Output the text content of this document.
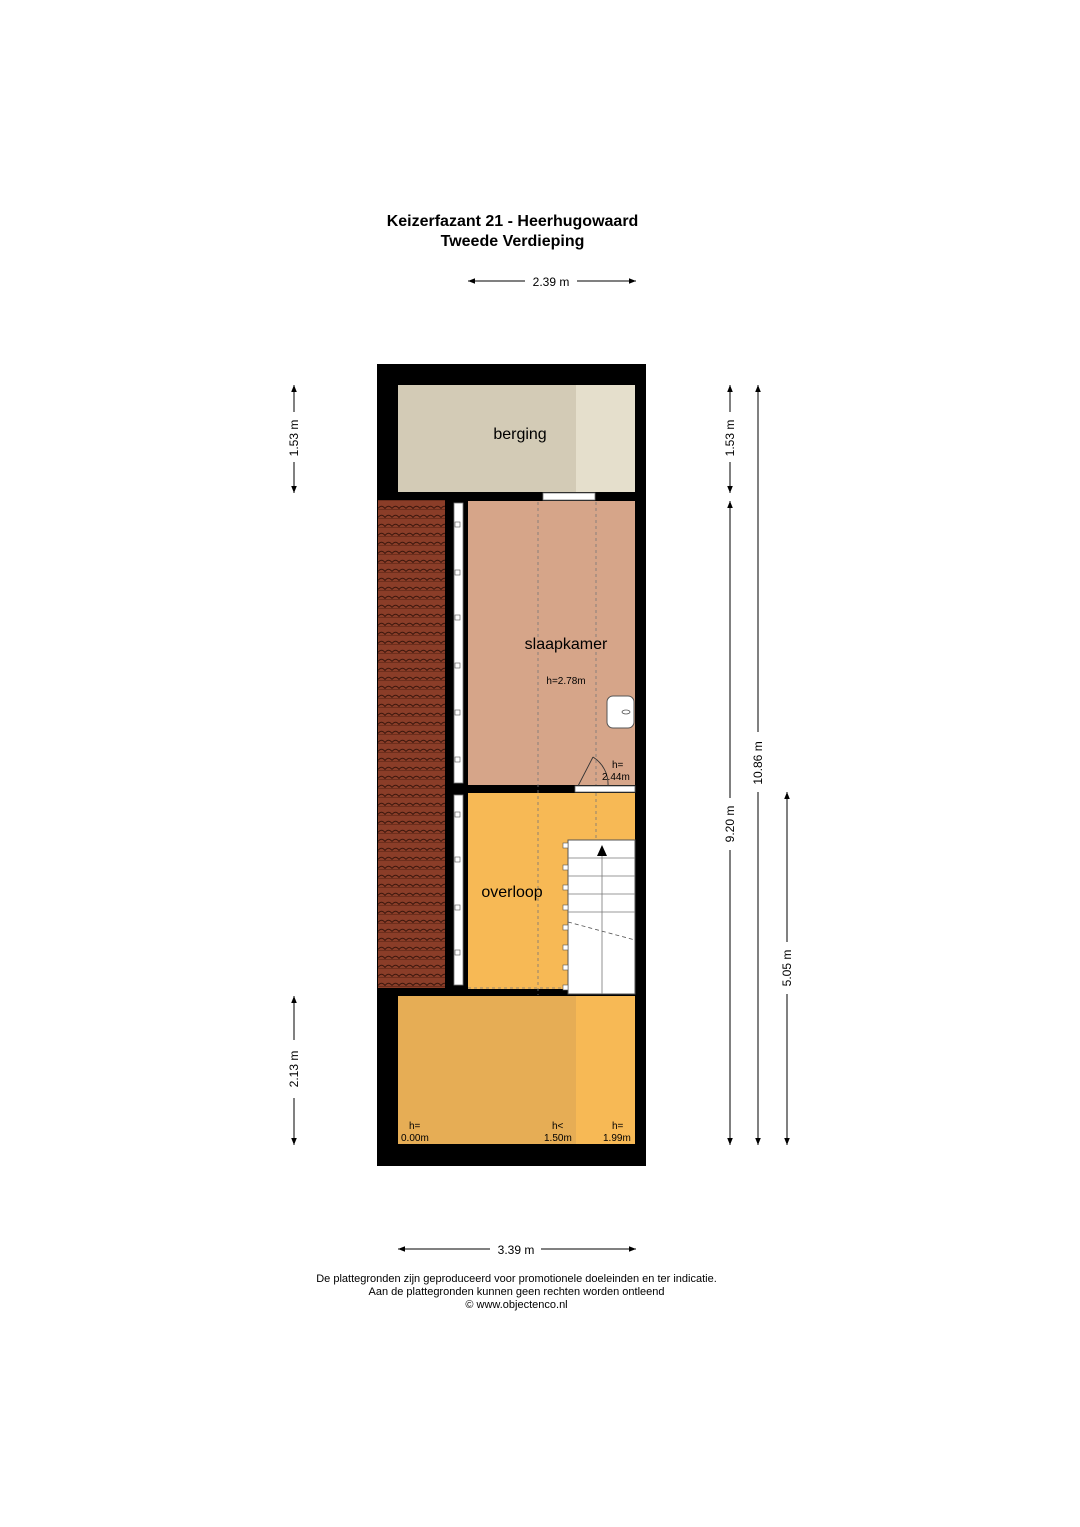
Keizerfazant 21 - Heerhugowaard
Tweede Verdieping
berging
slaapkamer
h=2.78m
overloop
h=
2.44m
h=
0.00m
h<
1.50m
h=
1.99m
2.39 m
3.39 m
1.53 m
2.13 m
1.53 m
9.20 m
10.86 m
5.05 m
De plattegronden zijn geproduceerd voor promotionele doeleinden en ter indicatie.
Aan de plattegronden kunnen geen rechten worden ontleend
© www.objectenco.nl
